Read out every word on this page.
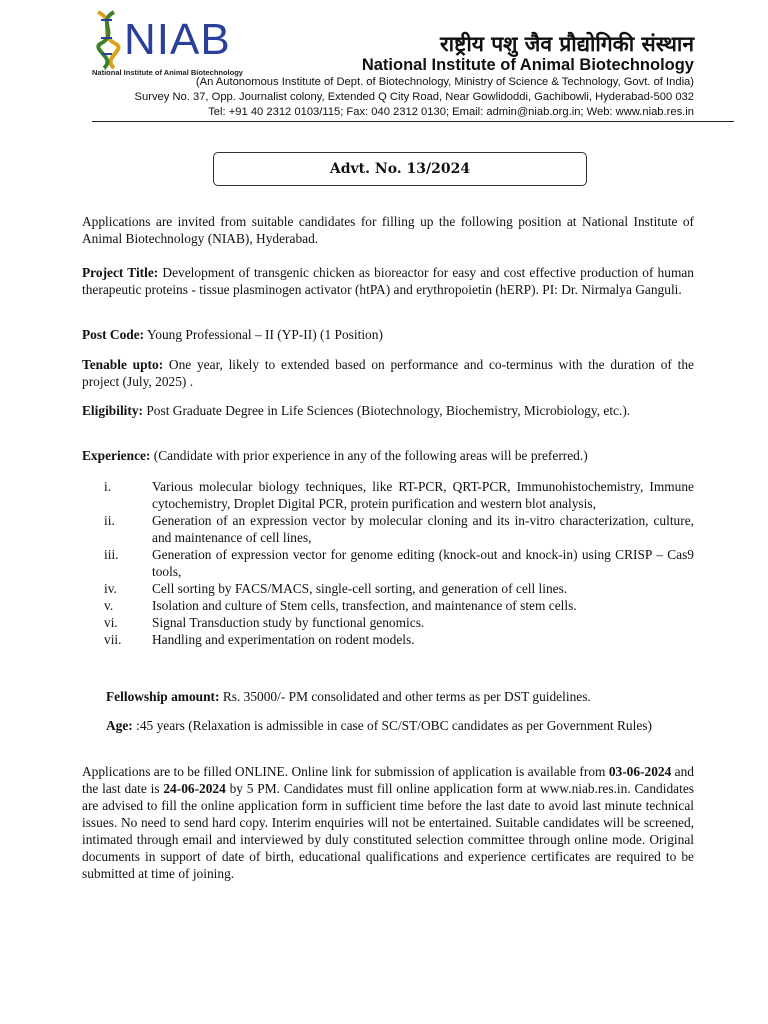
NIAB
National Institute of Animal Biotechnology
राष्ट्रीय पशु जैव प्रौद्योगिकी संस्थान
National Institute of Animal Biotechnology
(An Autonomous Institute of Dept. of Biotechnology, Ministry of Science & Technology, Govt. of India)
Survey No. 37, Opp. Journalist colony, Extended Q City Road, Near Gowlidoddi, Gachibowli, Hyderabad-500 032
Tel: +91 40 2312 0103/115; Fax: 040 2312 0130; Email: admin@niab.org.in; Web: www.niab.res.in
Advt. No. 13/2024
Applications are invited from suitable candidates for filling up the following position at National Institute of Animal Biotechnology (NIAB), Hyderabad.
Project Title: Development of transgenic chicken as bioreactor for easy and cost effective production of human therapeutic proteins - tissue plasminogen activator (htPA) and erythropoietin (hERP). PI: Dr. Nirmalya Ganguli.
Post Code: Young Professional – II (YP-II) (1 Position)
Tenable upto: One year, likely to extended based on performance and co-terminus with the duration of the project (July, 2025) .
Eligibility: Post Graduate Degree in Life Sciences (Biotechnology, Biochemistry, Microbiology, etc.).
Experience: (Candidate with prior experience in any of the following areas will be preferred.)
i.	Various molecular biology techniques, like RT-PCR, QRT-PCR, Immunohistochemistry, Immune cytochemistry, Droplet Digital PCR, protein purification and western blot analysis,
ii.	Generation of an expression vector by molecular cloning and its in-vitro characterization, culture, and maintenance of cell lines,
iii. Generation of expression vector for genome editing (knock-out and knock-in) using CRISP – Cas9 tools,
iv.	Cell sorting by FACS/MACS, single-cell sorting, and generation of cell lines.
v.	Isolation and culture of Stem cells, transfection, and maintenance of stem cells.
vi.	Signal Transduction study by functional genomics.
vii. Handling and experimentation on rodent models.
Fellowship amount: Rs. 35000/- PM consolidated and other terms as per DST guidelines.
Age: :45 years (Relaxation is admissible in case of SC/ST/OBC candidates as per Government Rules)
Applications are to be filled ONLINE. Online link for submission of application is available from 03-06-2024 and the last date is 24-06-2024 by 5 PM. Candidates must fill online application form at www.niab.res.in. Candidates are advised to fill the online application form in sufficient time before the last date to avoid last minute technical issues. No need to send hard copy. Interim enquiries will not be entertained. Suitable candidates will be screened, intimated through email and interviewed by duly constituted selection committee through online mode. Original documents in support of date of birth, educational qualifications and experience certificates are required to be submitted at time of joining.
